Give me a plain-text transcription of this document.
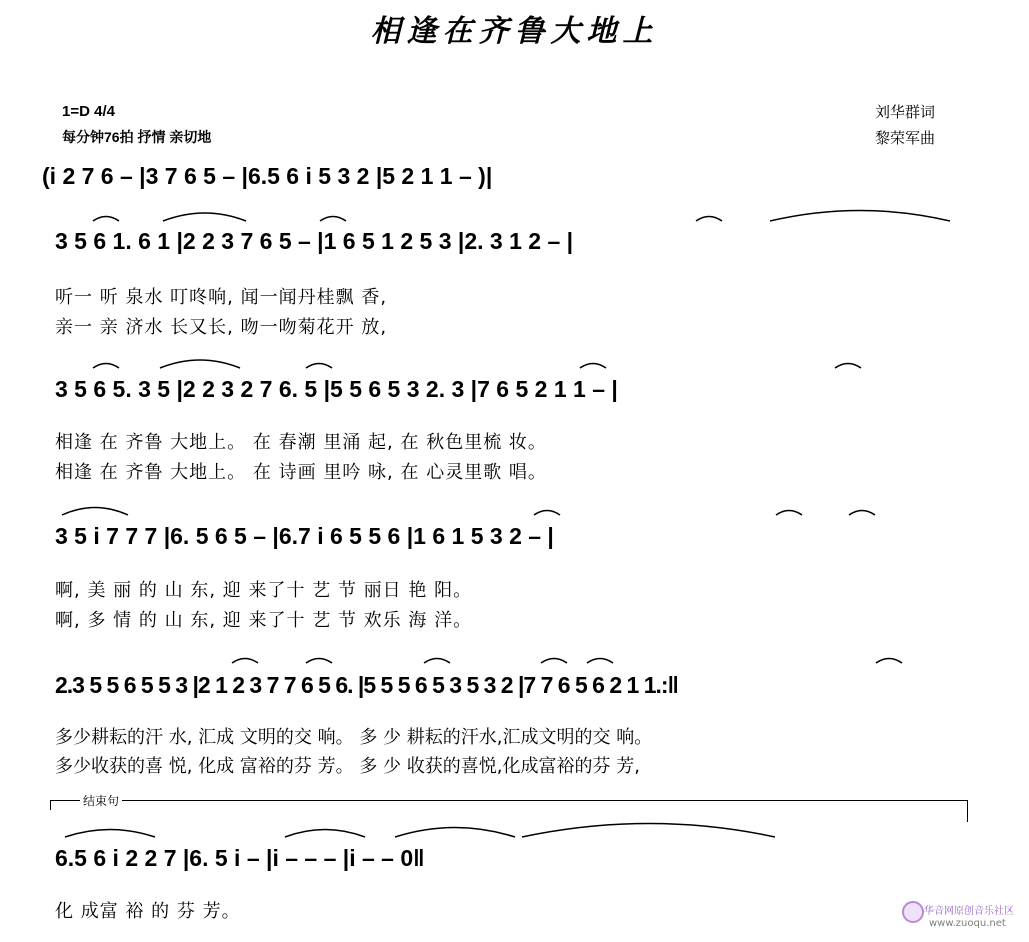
相逢在齐鲁大地上
1=D 4/4
每分钟76拍 抒情 亲切地
刘华群词
黎荣军曲
(i 2 7 6 – |3 7 6 5 – |6.5 6 i 5 3 2 |5 2 1 1 – )|
3 5 6 1. 6 1 |2 2 3 7 6 5 – |1 6 5 1 2 5 3 |2. 3 1 2 – |
听一 听 泉水 叮咚响, 闻一闻丹桂飘 香,
亲一 亲 济水 长又长, 吻一吻菊花开 放,
3 5 6 5. 3 5 |2 2 3 2 7 6. 5 |5 5 6 5 3 2. 3 |7 6 5 2 1 1 – |
相逢 在 齐鲁 大地上。 在 春潮 里涌 起, 在 秋色里梳 妆。
相逢 在 齐鲁 大地上。 在 诗画 里吟 咏, 在 心灵里歌 唱。
3 5 i 7 7 7 |6. 5 6 5 – |6.7 i 6 5 5 6 |1 6 1 5 3 2 – |
啊, 美 丽 的 山 东, 迎 来了十 艺 节 丽日 艳 阳。
啊, 多 情 的 山 东, 迎 来了十 艺 节 欢乐 海 洋。
2.3 5 5 6 5 5 3 |2 1 2 3 7 7 6 5 6. |5 5 5 6 5 3 5 3 2 |7 7 6 5 6 2 1 1.:‖
多少耕耘的汗 水, 汇成 文明的交 响。 多 少 耕耘的汗水,汇成文明的交 响。
多少收获的喜 悦, 化成 富裕的芬 芳。 多 少 收获的喜悦,化成富裕的芬 芳,
结束句
6.5 6 i 2 2 7 |6. 5 i – |i – – – |i – – 0‖
化 成富 裕 的 芬 芳。	华音网原创音乐社区
www.zuoqu.net
